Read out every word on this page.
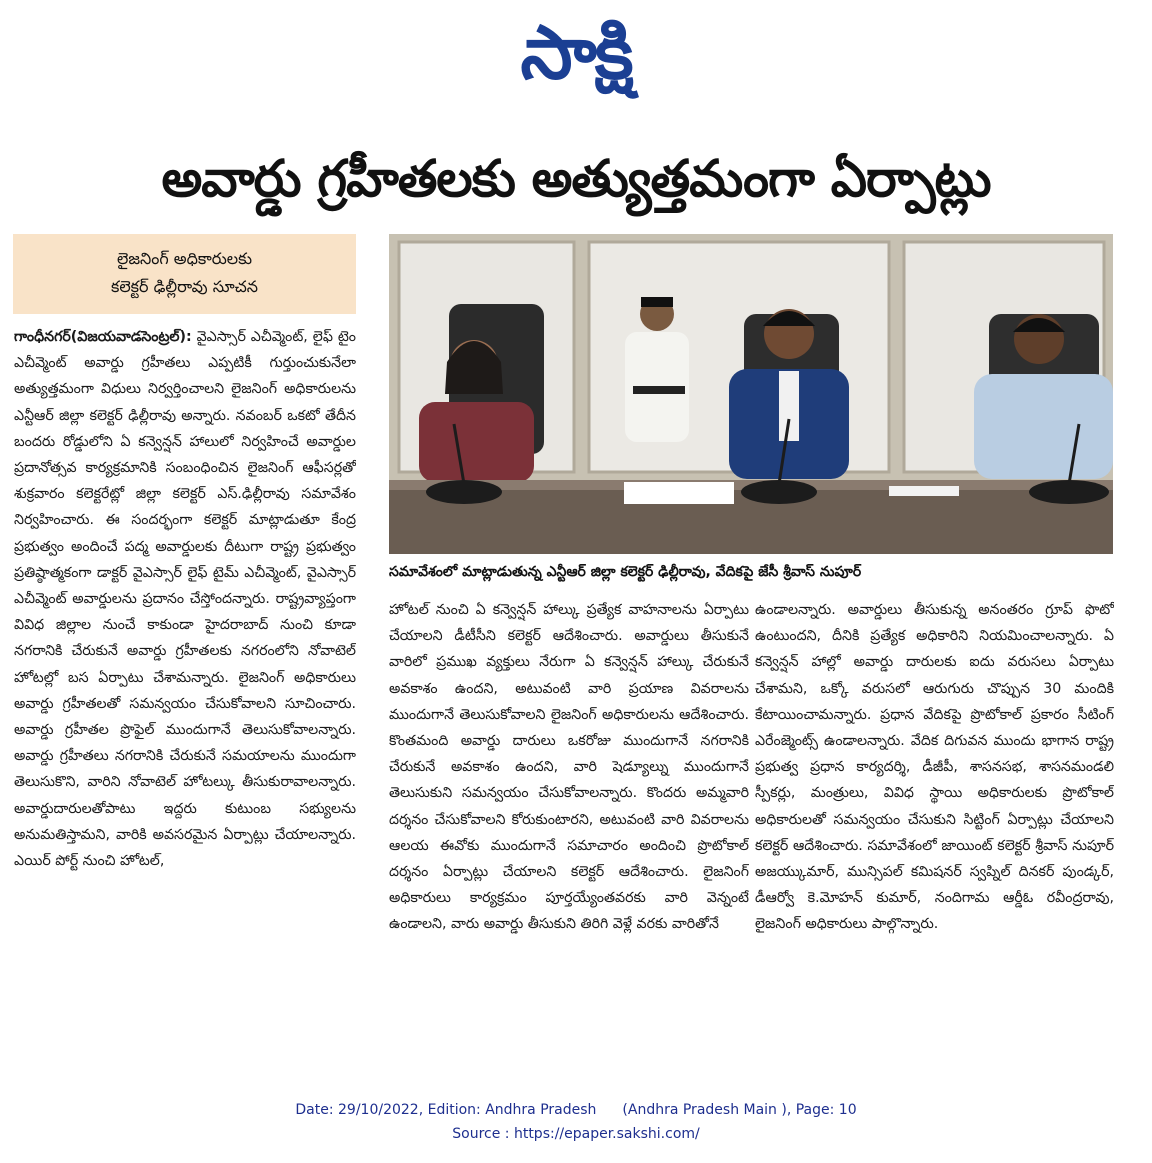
సాక్షి
అవార్డు గ్రహీతలకు అత్యుత్తమంగా ఏర్పాట్లు
లైజనింగ్ అధికారులకు
కలెక్టర్ ఢిల్లీరావు సూచన

గాంధీనగర్(విజయవాడసెంట్రల్): వైఎస్సార్ ఎచీవ్మెంట్, లైఫ్ టైం ఎచీవ్మెంట్ అవార్డు గ్రహీతలు ఎప్పటికీ గుర్తుంచుకునేలా అత్యుత్తమంగా విధులు నిర్వర్తించాలని లైజనింగ్ అధికారులను ఎన్టీఆర్ జిల్లా కలెక్టర్ ఢిల్లీరావు అన్నారు. నవంబర్ ఒకటో తేదీన బందరు రోడ్డులోని ఏ కన్వెన్షన్ హాలులో నిర్వహించే అవార్డుల ప్రదానోత్సవ కార్యక్రమానికి సంబంధించిన లైజనింగ్ ఆఫీసర్లతో శుక్రవారం కలెక్టరేట్లో జిల్లా కలెక్టర్ ఎస్.ఢిల్లీరావు సమావేశం నిర్వహించారు. ఈ సందర్భంగా కలెక్టర్ మాట్లాడుతూ కేంద్ర ప్రభుత్వం అందించే పద్మ అవార్డులకు దీటుగా రాష్ట్ర ప్రభుత్వం ప్రతిష్ఠాత్మకంగా డాక్టర్ వైఎస్సార్ లైఫ్ టైమ్ ఎచీవ్మెంట్, వైఎస్సార్ ఎచీవ్మెంట్ అవార్డులను ప్రదానం చేస్తోందన్నారు. రాష్ట్రవ్యాప్తంగా వివిధ జిల్లాల నుంచే కాకుండా హైదరాబాద్ నుంచి కూడా నగరానికి చేరుకునే అవార్డు గ్రహీతలకు నగరంలోని నోవాటెల్ హోటల్లో బస ఏర్పాటు చేశామన్నారు. లైజనింగ్ అధికారులు అవార్డు గ్రహీతలతో సమన్వయం చేసుకోవాలని సూచించారు. అవార్డు గ్రహీతల ప్రొఫైల్ ముందుగానే తెలుసుకోవాలన్నారు. అవార్డు గ్రహీతలు నగరానికి చేరుకునే సమయాలను ముందుగా తెలుసుకొని, వారిని నోవాటెల్ హోటల్కు తీసుకురావాలన్నారు. అవార్డుదారులతోపాటు ఇద్దరు కుటుంబ సభ్యులను అనుమతిస్తామని, వారికి అవసరమైన ఏర్పాట్లు చేయాలన్నారు. ఎయిర్ పోర్ట్ నుంచి హోటల్,

సమావేశంలో మాట్లాడుతున్న ఎన్టీఆర్ జిల్లా కలెక్టర్ ఢిల్లీరావు, వేదికపై జేసీ శ్రీవాస్ నుపూర్

హోటల్ నుంచి ఏ కన్వెన్షన్ హాల్కు ప్రత్యేక వాహనాలను ఏర్పాటు చేయాలని డీటీసీని కలెక్టర్ ఆదేశించారు. అవార్డులు తీసుకునే వారిలో ప్రముఖ వ్యక్తులు నేరుగా ఏ కన్వెన్షన్ హాల్కు చేరుకునే అవకాశం ఉందని, అటువంటి వారి ప్రయాణ వివరాలను ముందుగానే తెలుసుకోవాలని లైజనింగ్ అధికారులను ఆదేశించారు. కొంతమంది అవార్డు దారులు ఒకరోజు ముందుగానే నగరానికి చేరుకునే అవకాశం ఉందని, వారి షెడ్యూల్ను ముందుగానే తెలుసుకుని సమన్వయం చేసుకోవాలన్నారు. కొందరు అమ్మవారి దర్శనం చేసుకోవాలని కోరుకుంటారని, అటువంటి వారి వివరాలను ఆలయ ఈవోకు ముందుగానే సమాచారం అందించి ప్రొటోకాల్ దర్శనం ఏర్పాట్లు చేయాలని కలెక్టర్ ఆదేశించారు. లైజనింగ్ అధికారులు కార్యక్రమం పూర్తయ్యేంతవరకు వారి వెన్నంటే ఉండాలని, వారు అవార్డు తీసుకుని తిరిగి వెళ్లే వరకు వారితోనే

ఉండాలన్నారు. అవార్డులు తీసుకున్న అనంతరం గ్రూప్ ఫొటో ఉంటుందని, దీనికి ప్రత్యేక అధికారిని నియమించాలన్నారు. ఏ కన్వెన్షన్ హాల్లో అవార్డు దారులకు ఐదు వరుసలు ఏర్పాటు చేశామని, ఒక్కో వరుసలో ఆరుగురు చొప్పున 30 మందికి కేటాయించామన్నారు. ప్రధాన వేదికపై ప్రొటోకాల్ ప్రకారం సీటింగ్ ఎరేంజ్మెంట్స్ ఉండాలన్నారు. వేదిక దిగువన ముందు భాగాన రాష్ట్ర ప్రభుత్వ ప్రధాన కార్యదర్శి, డీజీపీ, శాసనసభ, శాసనమండలి స్పీకర్లు, మంత్రులు, వివిధ స్థాయి అధికారులకు ప్రొటోకాల్ అధికారులతో సమన్వయం చేసుకుని సిట్టింగ్ ఏర్పాట్లు చేయాలని కలెక్టర్ ఆదేశించారు. సమావేశంలో జాయింట్ కలెక్టర్ శ్రీవాస్ నుపూర్ అజయ్కుమార్, మున్సిపల్ కమిషనర్ స్వప్నిల్ దినకర్ పుండ్కర్, డీఆర్వో కె.మోహన్ కుమార్, నందిగామ ఆర్డీఓ రవీంద్రరావు, లైజనింగ్ అధికారులు పాల్గొన్నారు.

Date: 29/10/2022, Edition: Andhra Pradesh (Andhra Pradesh Main ), Page: 10
Source : https://epaper.sakshi.com/
